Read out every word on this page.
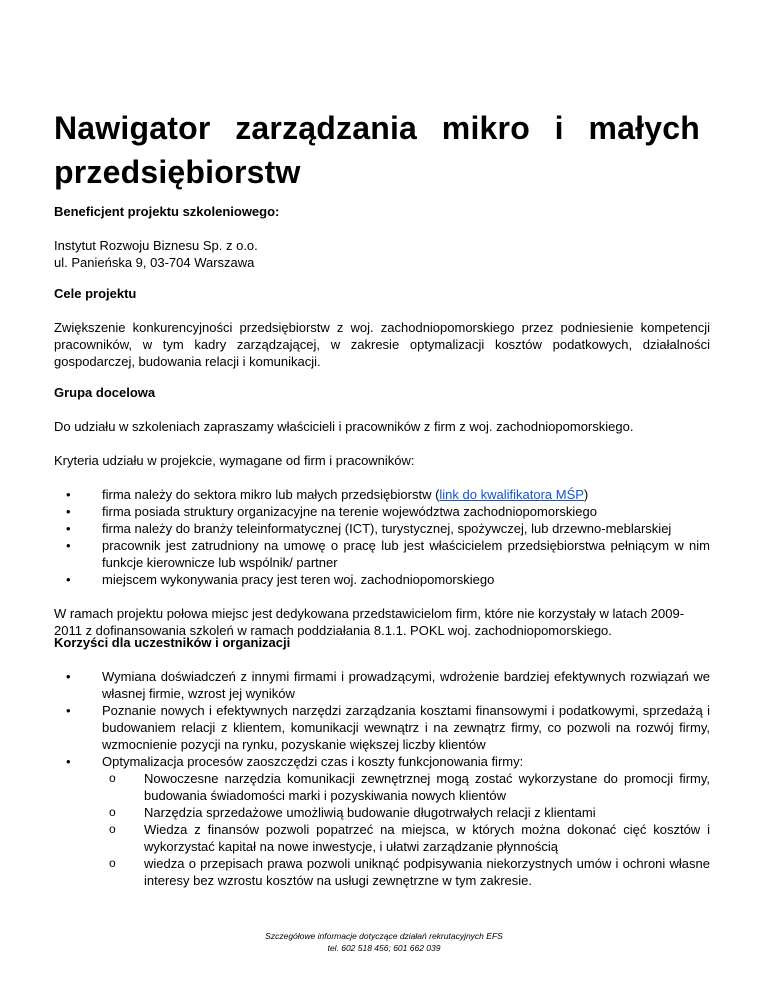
Nawigator zarządzania mikro i małych
przedsiębiorstw

Beneficjent projektu szkoleniowego:

Instytut Rozwoju Biznesu Sp. z o.o.

ul. Panieńska 9, 03-704 Warszawa

Cele projektu

Zwiększenie konkurencyjności przedsiębiorstw z woj. zachodniopomorskiego przez podniesienie kompetencji pracowników, w tym kadry zarządzającej, w zakresie optymalizacji kosztów podatkowych, działalności gospodarczej, budowania relacji i komunikacji.

Grupa docelowa

Do udziału w szkoleniach zapraszamy właścicieli i pracowników z firm z woj. zachodniopomorskiego.

Kryteria udziału w projekcie, wymagane od firm i pracowników:

• firma należy do sektora mikro lub małych przedsiębiorstw (link do kwalifikatora MŚP)
• firma posiada struktury organizacyjne na terenie województwa zachodniopomorskiego
• firma należy do branży teleinformatycznej (ICT), turystycznej, spożywczej, lub drzewno-meblarskiej
• pracownik jest zatrudniony na umowę o pracę lub jest właścicielem przedsiębiorstwa pełniącym w nim funkcje kierownicze lub wspólnik/ partner
• miejscem wykonywania pracy jest teren woj. zachodniopomorskiego

W ramach projektu połowa miejsc jest dedykowana przedstawicielom firm, które nie korzystały w latach 2009-2011 z dofinansowania szkoleń w ramach poddziałania 8.1.1. POKL woj. zachodniopomorskiego.

Korzyści dla uczestników i organizacji

• Wymiana doświadczeń z innymi firmami i prowadzącymi, wdrożenie bardziej efektywnych rozwiązań we własnej firmie, wzrost jej wyników
• Poznanie nowych i efektywnych narzędzi zarządzania kosztami finansowymi i podatkowymi, sprzedażą i budowaniem relacji z klientem, komunikacji wewnątrz i na zewnątrz firmy, co pozwoli na rozwój firmy, wzmocnienie pozycji na rynku, pozyskanie większej liczby klientów
• Optymalizacja procesów zaoszczędzi czas i koszty funkcjonowania firmy:
o Nowoczesne narzędzia komunikacji zewnętrznej mogą zostać wykorzystane do promocji firmy, budowania świadomości marki i pozyskiwania nowych klientów
o Narzędzia sprzedażowe umożliwią budowanie długotrwałych relacji z klientami
o Wiedza z finansów pozwoli popatrzeć na miejsca, w których można dokonać cięć kosztów i wykorzystać kapitał na nowe inwestycje, i ułatwi zarządzanie płynnością
o wiedza o przepisach prawa pozwoli uniknąć podpisywania niekorzystnych umów i ochroni własne interesy bez wzrostu kosztów na usługi zewnętrzne w tym zakresie.
Szczegółowe informacje dotyczące działań rekrutacyjnych EFS
tel. 602 518 456; 601 662 039
